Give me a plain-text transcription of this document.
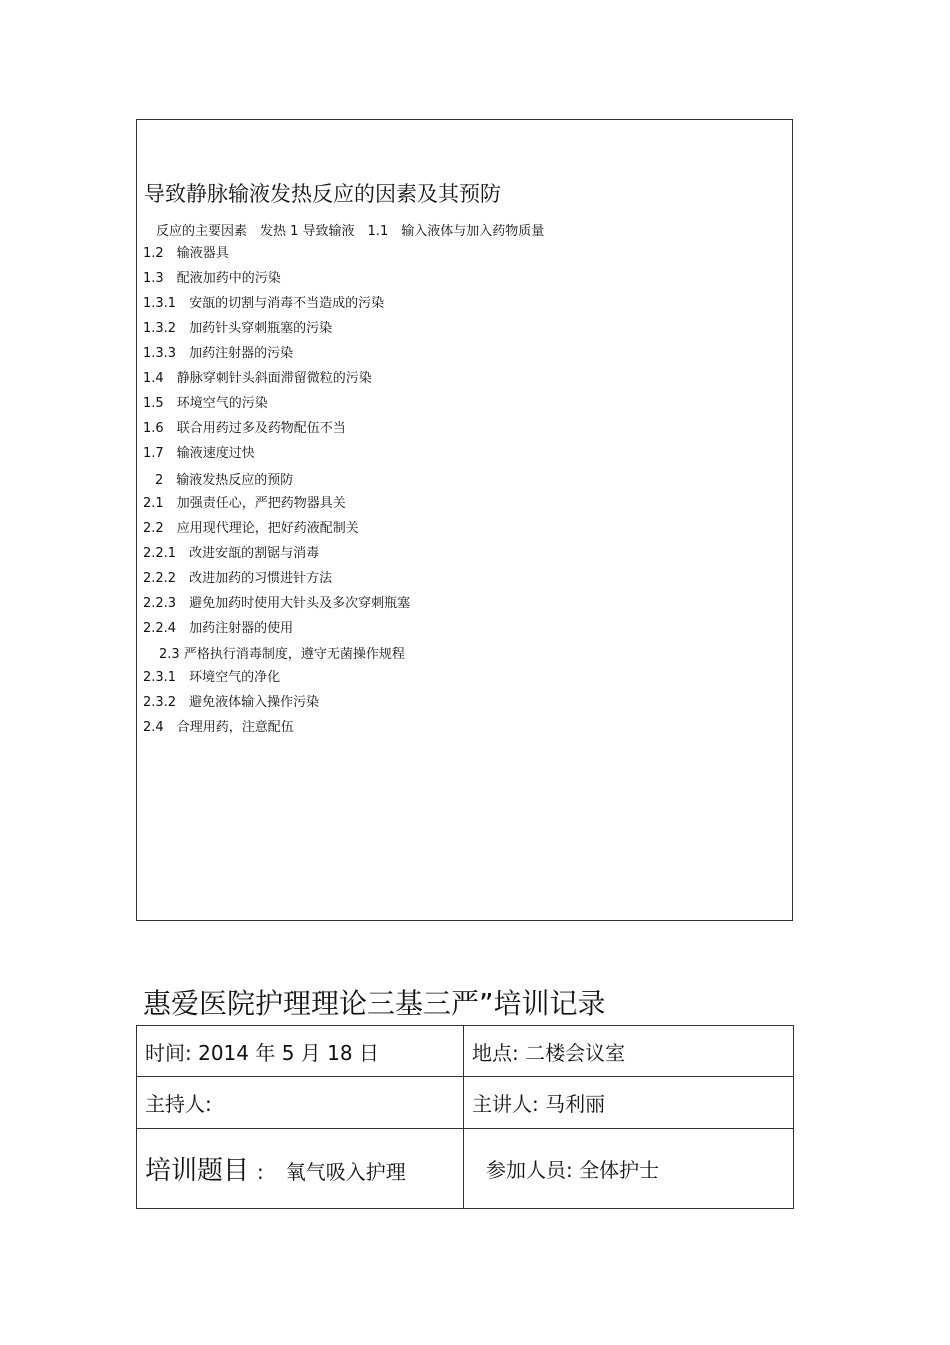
导致静脉输液发热反应的因素及其预防
反应的主要因素　发热 1 导致输液　1.1　输入液体与加入药物质量
1.2　 输液器具
1.3　 配液加药中的污染
1.3.1　 安瓿的切割与消毒不当造成的污染
1.3.2　 加药针头穿刺瓶塞的污染
1.3.3　 加药注射器的污染
1.4　 静脉穿刺针头斜面滞留微粒的污染
1.5　 环境空气的污染
1.6　 联合用药过多及药物配伍不当
1.7　 输液速度过快
2　 输液发热反应的预防
2.1　 加强责任心，严把药物器具关
2.2　 应用现代理论，把好药液配制关
2.2.1　 改进安瓿的割锯与消毒
2.2.2　 改进加药的习惯进针方法
2.2.3　 避免加药时使用大针头及多次穿刺瓶塞
2.2.4　 加药注射器的使用
2.3 严格执行消毒制度，遵守无菌操作规程
2.3.1　 环境空气的净化
2.3.2　 避免液体输入操作污染
2.4　 合理用药，注意配伍
惠爱医院护理理论三基三严”培训记录
时间: 2014 年 5 月 18 日	地点: 二楼会议室
主持人:	主讲人: 马利丽
培训题目 : 氧气吸入护理	参加人员: 全体护士
